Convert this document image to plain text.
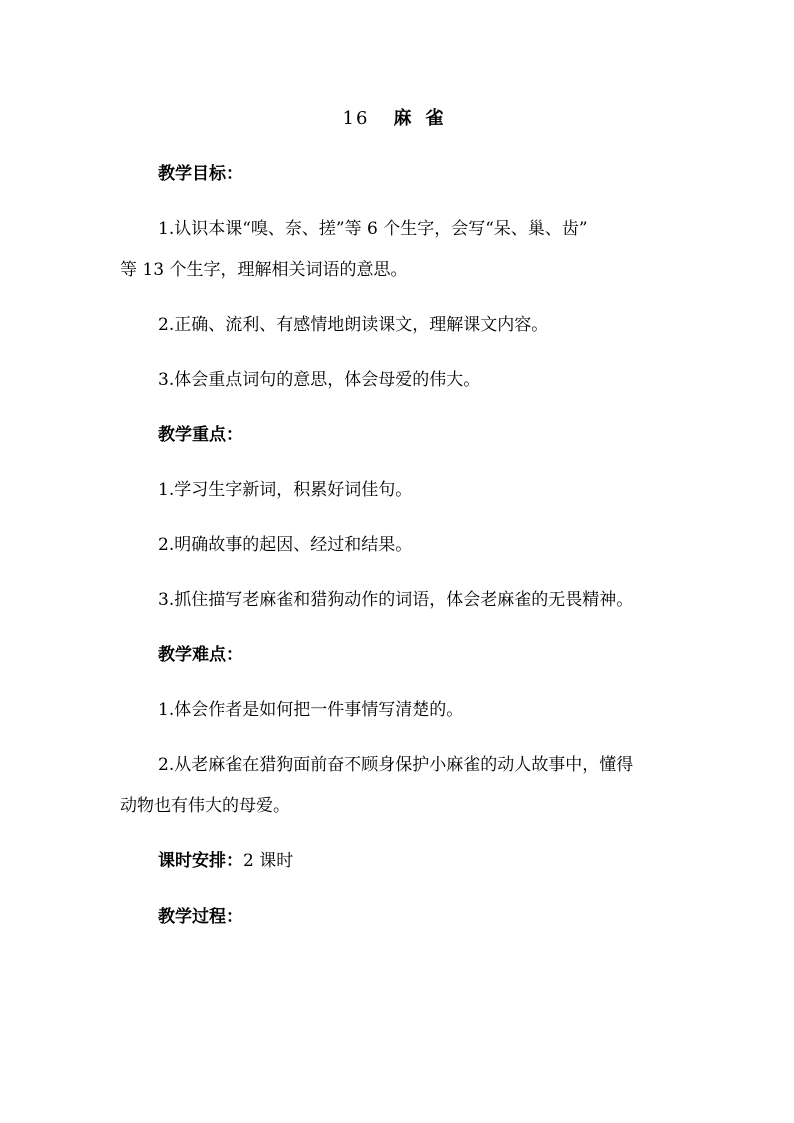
16 麻 雀
教学目标：
1.认识本课“嗅、奈、搓”等 6 个生字，会写“呆、巢、齿”
等 13 个生字，理解相关词语的意思。
2.正确、流利、有感情地朗读课文，理解课文内容。
3.体会重点词句的意思，体会母爱的伟大。
教学重点：
1.学习生字新词，积累好词佳句。
2.明确故事的起因、经过和结果。
3.抓住描写老麻雀和猎狗动作的词语，体会老麻雀的无畏精神。
教学难点：
1.体会作者是如何把一件事情写清楚的。
2.从老麻雀在猎狗面前奋不顾身保护小麻雀的动人故事中，懂得
动物也有伟大的母爱。
课时安排：2 课时
教学过程：
